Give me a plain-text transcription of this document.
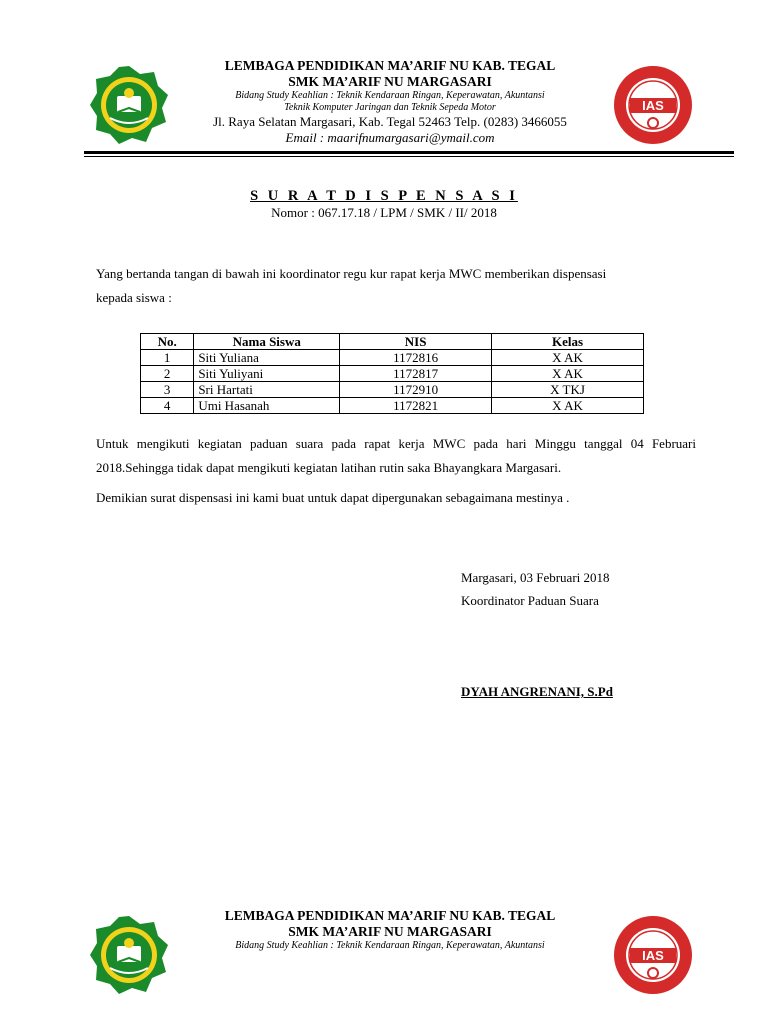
LEMBAGA PENDIDIKAN MA’ARIF NU KAB. TEGAL
SMK MA’ARIF NU MARGASARI
Bidang Study Keahlian : Teknik Kendaraan Ringan, Keperawatan, Akuntansi
Teknik Komputer Jaringan dan Teknik Sepeda Motor
Jl. Raya Selatan Margasari, Kab. Tegal 52463 Telp. (0283) 3466055
Email : maarifnumargasari@ymail.com
IAS
S U R A T D I S P E N S A S I
Nomor : 067.17.18 / LPM / SMK / II/ 2018
Yang bertanda tangan di bawah ini koordinator regu kur rapat kerja MWC memberikan dispensasi
kepada siswa :
No.	Nama Siswa	NIS	Kelas
1	Siti Yuliana	1172816	X AK
2	Siti Yuliyani	1172817	X AK
3	Sri Hartati	1172910	X TKJ
4	Umi Hasanah	1172821	X AK
Untuk mengikuti kegiatan paduan suara pada rapat kerja MWC pada hari Minggu tanggal 04 Februari 2018.Sehingga tidak dapat mengikuti kegiatan latihan rutin saka Bhayangkara Margasari.
Demikian surat dispensasi ini kami buat untuk dapat dipergunakan sebagaimana mestinya .
Margasari, 03 Februari 2018
Koordinator Paduan Suara
DYAH ANGRENANI, S.Pd
LEMBAGA PENDIDIKAN MA’ARIF NU KAB. TEGAL
SMK MA’ARIF NU MARGASARI
Bidang Study Keahlian : Teknik Kendaraan Ringan, Keperawatan, Akuntansi
IAS
